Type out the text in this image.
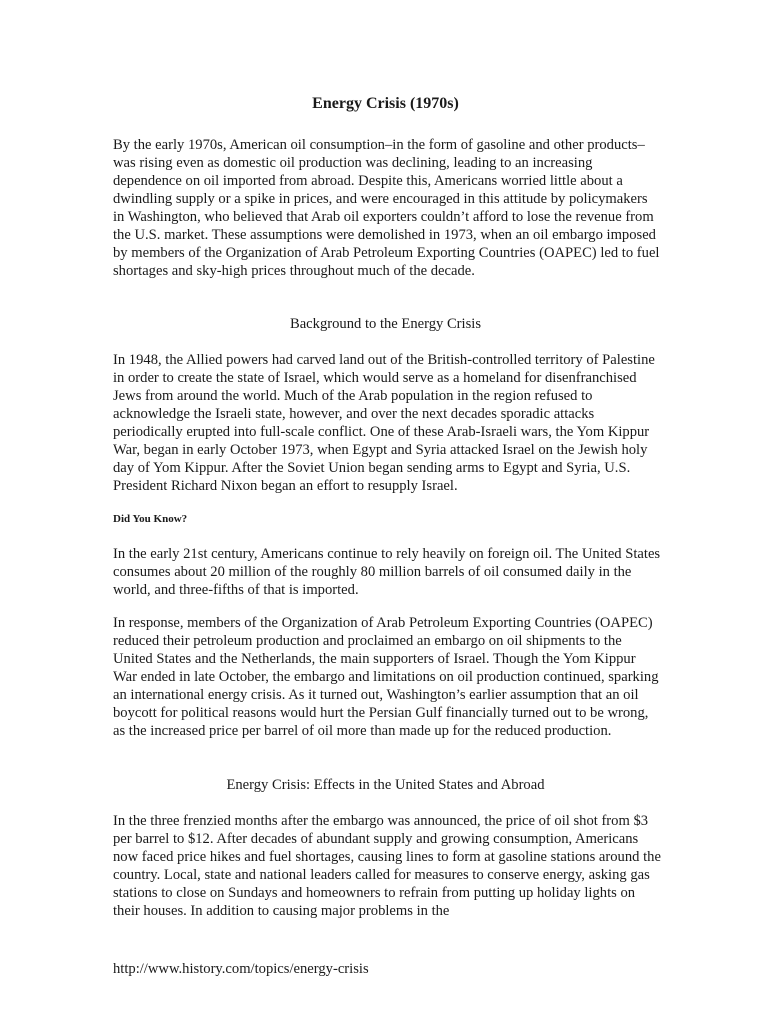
Energy Crisis (1970s)

By the early 1970s, American oil consumption–in the form of gasoline and other products–was rising even as domestic oil production was declining, leading to an increasing dependence on oil imported from abroad. Despite this, Americans worried little about a dwindling supply or a spike in prices, and were encouraged in this attitude by policymakers in Washington, who believed that Arab oil exporters couldn’t afford to lose the revenue from the U.S. market. These assumptions were demolished in 1973, when an oil embargo imposed by members of the Organization of Arab Petroleum Exporting Countries (OAPEC) led to fuel shortages and sky-high prices throughout much of the decade.

Background to the Energy Crisis

In 1948, the Allied powers had carved land out of the British-controlled territory of Palestine in order to create the state of Israel, which would serve as a homeland for disenfranchised Jews from around the world. Much of the Arab population in the region refused to acknowledge the Israeli state, however, and over the next decades sporadic attacks periodically erupted into full-scale conflict. One of these Arab-Israeli wars, the Yom Kippur War, began in early October 1973, when Egypt and Syria attacked Israel on the Jewish holy day of Yom Kippur. After the Soviet Union began sending arms to Egypt and Syria, U.S. President Richard Nixon began an effort to resupply Israel.

Did You Know?

In the early 21st century, Americans continue to rely heavily on foreign oil. The United States consumes about 20 million of the roughly 80 million barrels of oil consumed daily in the world, and three-fifths of that is imported.

In response, members of the Organization of Arab Petroleum Exporting Countries (OAPEC) reduced their petroleum production and proclaimed an embargo on oil shipments to the United States and the Netherlands, the main supporters of Israel. Though the Yom Kippur War ended in late October, the embargo and limitations on oil production continued, sparking an international energy crisis. As it turned out, Washington’s earlier assumption that an oil boycott for political reasons would hurt the Persian Gulf financially turned out to be wrong, as the increased price per barrel of oil more than made up for the reduced production.

Energy Crisis: Effects in the United States and Abroad

In the three frenzied months after the embargo was announced, the price of oil shot from $3 per barrel to $12. After decades of abundant supply and growing consumption, Americans now faced price hikes and fuel shortages, causing lines to form at gasoline stations around the country. Local, state and national leaders called for measures to conserve energy, asking gas stations to close on Sundays and homeowners to refrain from putting up holiday lights on their houses. In addition to causing major problems in the

http://www.history.com/topics/energy-crisis
